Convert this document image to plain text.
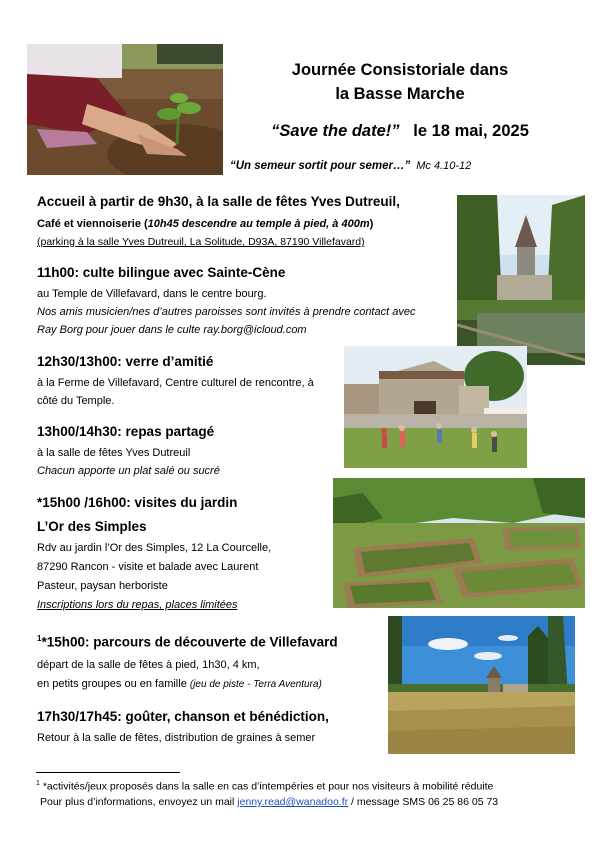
Journée Consistoriale dans
la Basse Marche
“Save the date!” le 18 mai, 2025
“Un semeur sortit pour semer…” Mc 4.10-12
Accueil à partir de 9h30, à la salle de fêtes Yves Dutreuil,
Café et viennoiserie (10h45 descendre au temple à pied, à 400m)
(parking à la salle Yves Dutreuil, La Solitude, D93A, 87190 Villefavard)
11h00: culte bilingue avec Sainte-Cène
au Temple de Villefavard, dans le centre bourg.
Nos amis musicien/nes d’autres paroisses sont invités à prendre contact avec
Ray Borg pour jouer dans le culte ray.borg@icloud.com
12h30/13h00: verre d’amitié
à la Ferme de Villefavard, Centre culturel de rencontre, à
côté du Temple.
13h00/14h30: repas partagé
à la salle de fêtes Yves Dutreuil
Chacun apporte un plat salé ou sucré
*15h00 /16h00: visites du jardin
L’Or des Simples
Rdv au jardin l’Or des Simples, 12 La Courcelle,
87290 Rancon - visite et balade avec Laurent
Pasteur, paysan herboriste
Inscriptions lors du repas, places limitées
$^1$*15h00: parcours de découverte de Villefavard
départ de la salle de fêtes à pied, 1h30, 4 km,
en petits groupes ou en famille (jeu de piste - Terra Aventura)
17h30/17h45: goûter, chanson et bénédiction,
Retour à la salle de fêtes, distribution de graines à semer
$^1$ *activités/jeux proposés dans la salle en cas d’intempéries et pour nos visiteurs à mobilité réduite
Pour plus d’informations, envoyez un mail jenny.read@wanadoo.fr / message SMS 06 25 86 05 73
